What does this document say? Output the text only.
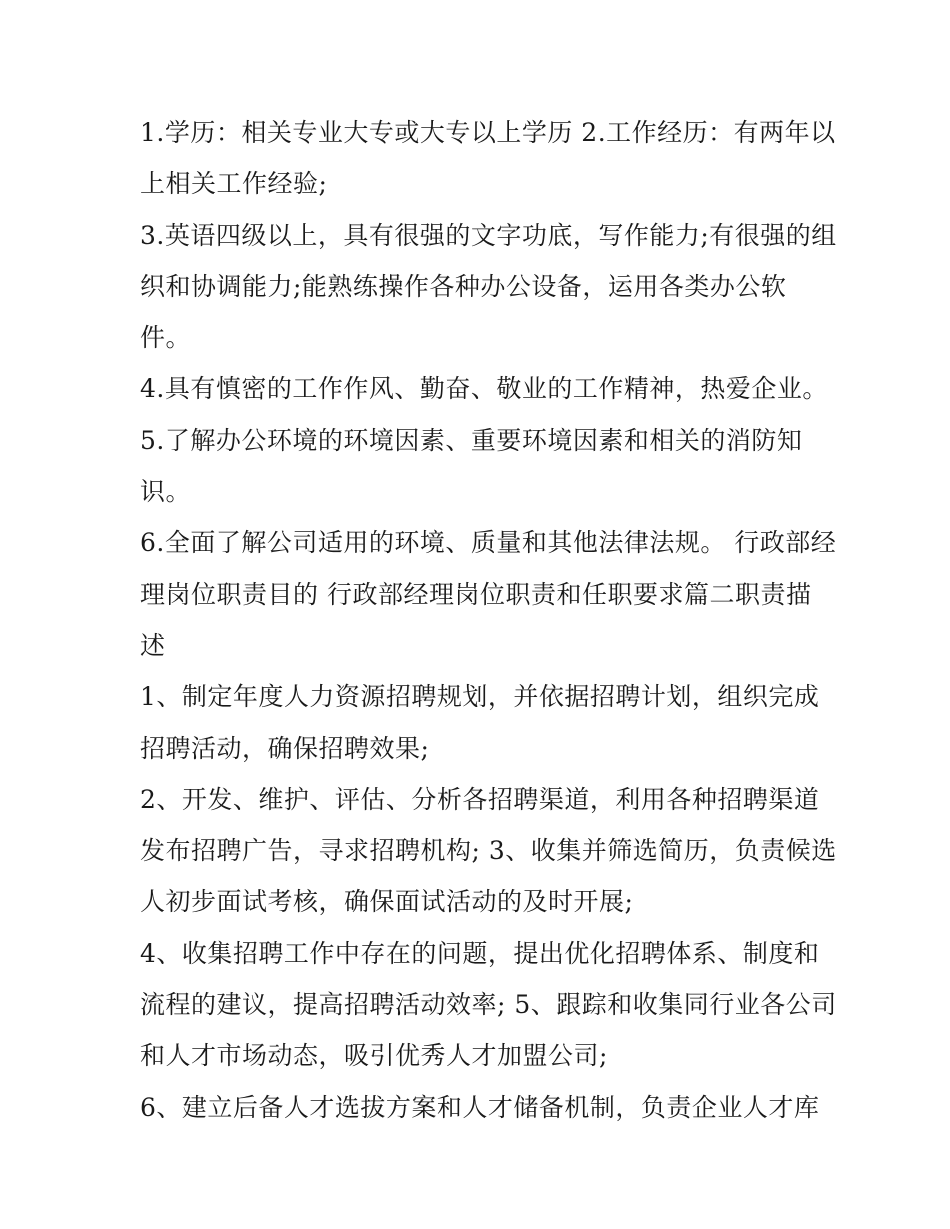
1.学历：相关专业大专或大专以上学历 2.工作经历：有两年以
上相关工作经验;
3.英语四级以上，具有很强的文字功底，写作能力;有很强的组
织和协调能力;能熟练操作各种办公设备，运用各类办公软
件。
4.具有慎密的工作作风、勤奋、敬业的工作精神，热爱企业。
5.了解办公环境的环境因素、重要环境因素和相关的消防知
识。
6.全面了解公司适用的环境、质量和其他法律法规。 行政部经
理岗位职责目的 行政部经理岗位职责和任职要求篇二职责描
述
1、制定年度人力资源招聘规划，并依据招聘计划，组织完成
招聘活动，确保招聘效果;
2、开发、维护、评估、分析各招聘渠道，利用各种招聘渠道
发布招聘广告，寻求招聘机构; 3、收集并筛选简历，负责候选
人初步面试考核，确保面试活动的及时开展;
4、收集招聘工作中存在的问题，提出优化招聘体系、制度和
流程的建议，提高招聘活动效率; 5、跟踪和收集同行业各公司
和人才市场动态，吸引优秀人才加盟公司;
6、建立后备人才选拔方案和人才储备机制，负责企业人才库
